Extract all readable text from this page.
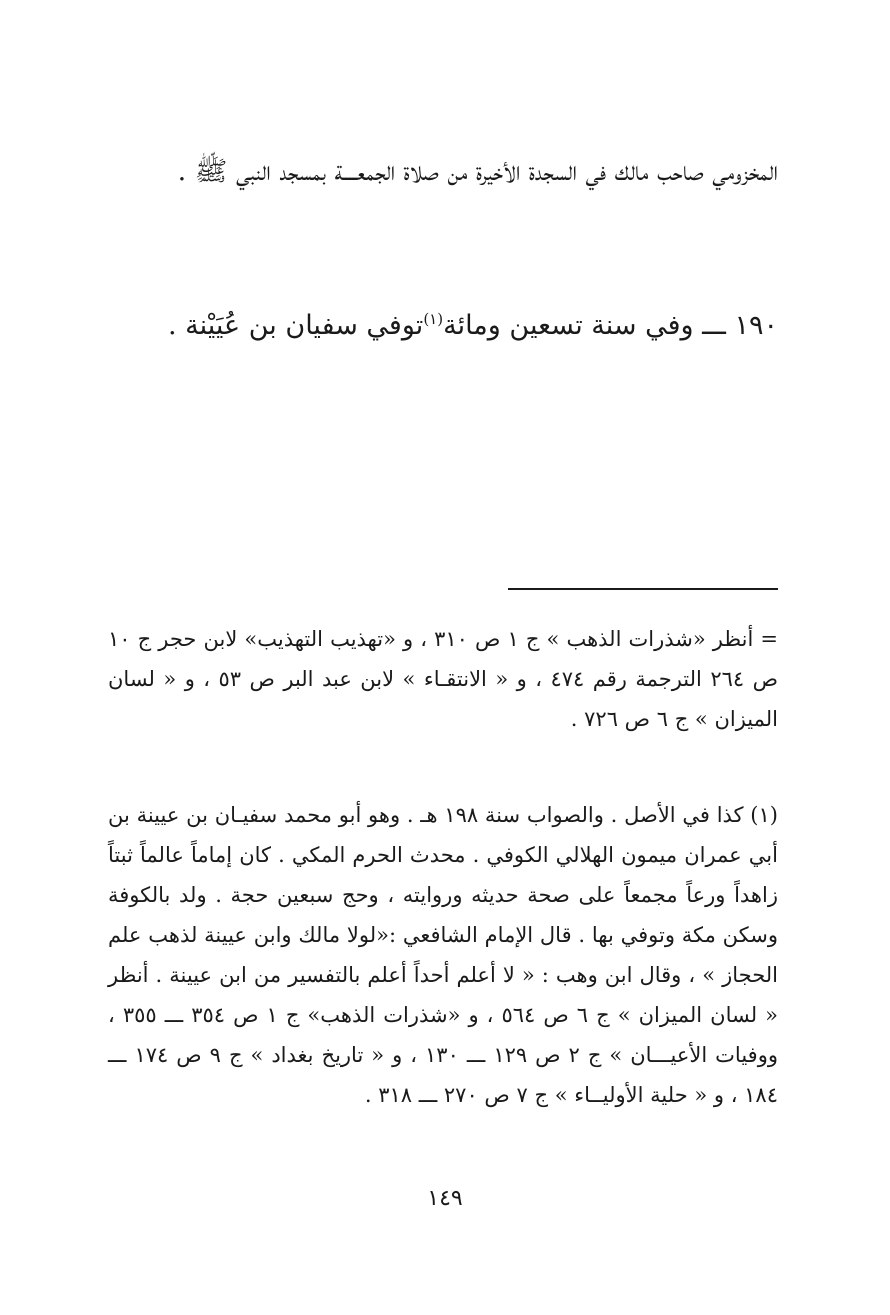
المخزومي صاحب مالك في السجدة الأخيرة من صلاة الجمعــــة بمسجد النبي ﷺ .

١٩٠ ـــ وفي سنة تسعين ومائة$^{(١)}$توفي سفيان بن عُيَيْنة .

= أنظر «شذرات الذهب » ج ١ ص ٣١٠ ، و «تهذيب التهذيب» لابن حجر ج ١٠ ص ٢٦٤ الترجمة رقم ٤٧٤ ، و « الانتقـاء » لابن عبد البر ص ٥٣ ، و « لسان الميزان » ج ٦ ص ٧٢٦ .

(١) كذا في الأصل . والصواب سنة ١٩٨ هـ . وهو أبو محمد سفيـان بن عيينة بن أبي عمران ميمون الهلالي الكوفي . محدث الحرم المكي . كان إماماً عالماً ثبتاً زاهداً ورعاً مجمعاً على صحة حديثه وروايته ، وحج سبعين حجة . ولد بالكوفة وسكن مكة وتوفي بها . قال الإمام الشافعي :«لولا مالك وابن عيينة لذهب علم الحجاز » ، وقال ابن وهب : « لا أعلم أحداً أعلم بالتفسير من ابن عيينة . أنظر « لسان الميزان » ج ٦ ص ٥٦٤ ، و «شذرات الذهب» ج ١ ص ٣٥٤ ـــ ٣٥٥ ، ووفيات الأعيـــان » ج ٢ ص ١٢٩ ـــ ١٣٠ ، و « تاريخ بغداد » ج ٩ ص ١٧٤ ـــ ١٨٤ ، و « حلية الأوليــاء » ج ٧ ص ٢٧٠ ـــ ٣١٨ .

١٤٩
